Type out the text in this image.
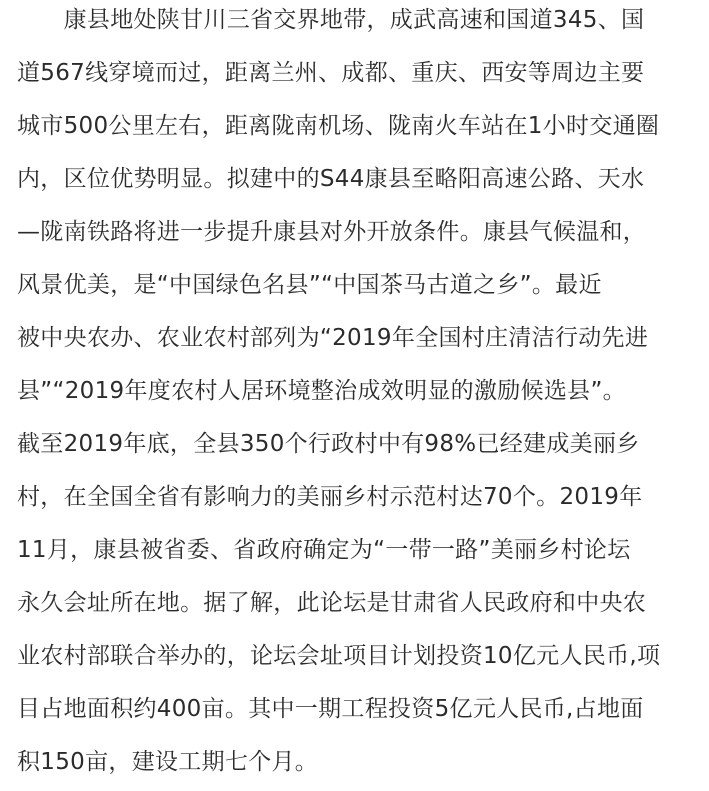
　　康县地处陕甘川三省交界地带，成武高速和国道345、国
道567线穿境而过，距离兰州、成都、重庆、西安等周边主要
城市500公里左右，距离陇南机场、陇南火车站在1小时交通圈
内，区位优势明显。拟建中的S44康县至略阳高速公路、天水
—陇南铁路将进一步提升康县对外开放条件。康县气候温和，
风景优美，是“中国绿色名县”“中国茶马古道之乡”。最近
被中央农办、农业农村部列为“2019年全国村庄清洁行动先进
县”“2019年度农村人居环境整治成效明显的激励候选县”。
截至2019年底，全县350个行政村中有98%已经建成美丽乡
村，在全国全省有影响力的美丽乡村示范村达70个。2019年
11月，康县被省委、省政府确定为“一带一路”美丽乡村论坛
永久会址所在地。据了解，此论坛是甘肃省人民政府和中央农
业农村部联合举办的，论坛会址项目计划投资10亿元人民币,项
目占地面积约400亩。其中一期工程投资5亿元人民币,占地面
积150亩，建设工期七个月。
